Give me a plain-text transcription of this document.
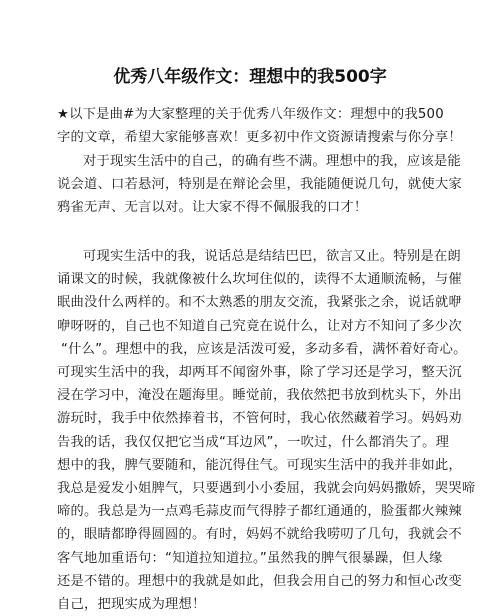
优秀八年级作文：理想中的我500字
★以下是曲#为大家整理的关于优秀八年级作文：理想中的我500
字的文章，希望大家能够喜欢！更多初中作文资源请搜索与你分享！
对于现实生活中的自己，的确有些不满。理想中的我，应该是能
说会道、口若悬河，特别是在辩论会里，我能随便说几句，就使大家
鸦雀无声、无言以对。让大家不得不佩服我的口才！
可现实生活中的我，说话总是结结巴巴，欲言又止。特别是在朗
诵课文的时候，我就像被什么坎坷住似的，读得不太通顺流畅，与催
眠曲没什么两样的。和不太熟悉的朋友交流，我紧张之余，说话就咿
咿呀呀的，自己也不知道自己究竟在说什么，让对方不知问了多少次
“什么”。理想中的我，应该是活泼可爱，多动多看，满怀着好奇心。
可现实生活中的我，却两耳不闻窗外事，除了学习还是学习，整天沉
浸在学习中，淹没在题海里。睡觉前，我依然把书放到枕头下，外出
游玩时，我手中依然捧着书，不管何时，我心依然藏着学习。妈妈劝
告我的话，我仅仅把它当成“耳边风”，一吹过，什么都消失了。理
想中的我，脾气要随和，能沉得住气。可现实生活中的我并非如此，
我总是爱发小姐脾气，只要遇到小小委屈，我就会向妈妈撒娇，哭哭啼
啼的。我总是为一点鸡毛蒜皮而气得脖子都红通通的，脸蛋都火辣辣
的，眼睛都睁得圆圆的。有时，妈妈不就给我唠叨了几句，我就会不
客气地加重语句：“知道拉知道拉。”虽然我的脾气很暴躁，但人缘
还是不错的。理想中的我就是如此，但我会用自己的努力和恒心改变
自己，把现实成为理想！
